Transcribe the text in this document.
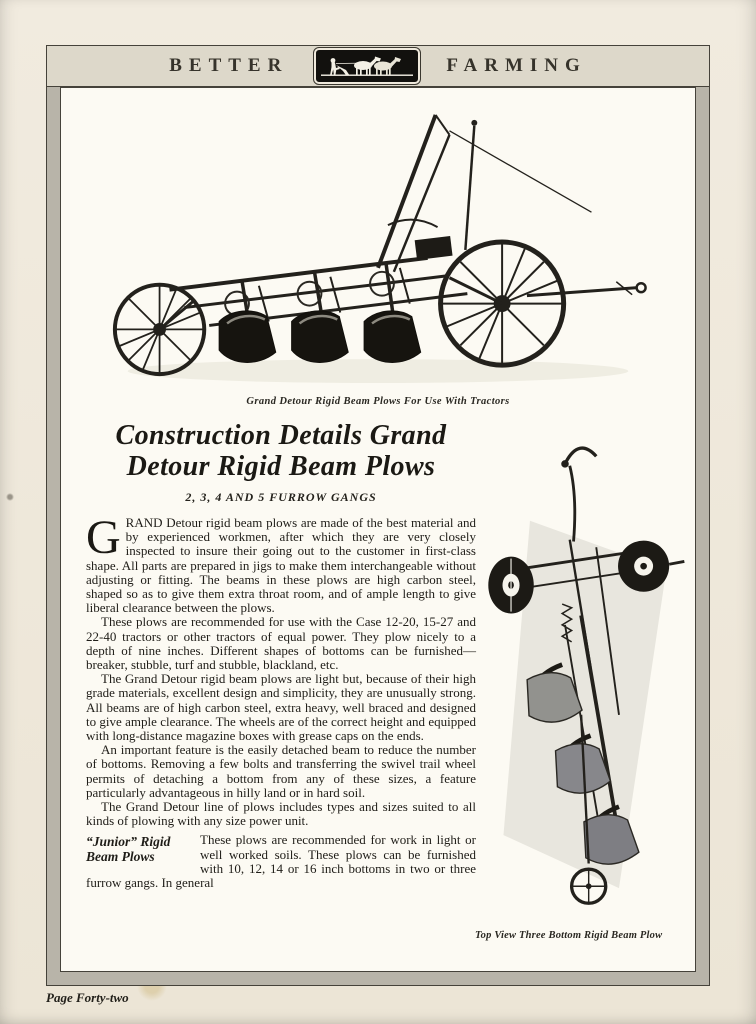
BETTER	FARMING
Grand Detour Rigid Beam Plows For Use With Tractors
Construction Details Grand
Detour Rigid Beam Plows
2, 3, 4 AND 5 FURROW GANGS

GRAND Detour rigid beam plows are made of the best material and by experienced workmen, after which they are very closely inspected to insure their going out to the customer in first-class shape. All parts are prepared in jigs to make them interchangeable without adjusting or fitting. The beams in these plows are high carbon steel, shaped so as to give them extra throat room, and of ample length to give liberal clearance between the plows.

These plows are recommended for use with the Case 12-20, 15-27 and 22-40 tractors or other tractors of equal power. They plow nicely to a depth of nine inches. Different shapes of bottoms can be furnished—breaker, stubble, turf and stubble, blackland, etc.

The Grand Detour rigid beam plows are light but, because of their high grade materials, excellent design and simplicity, they are unusually strong. All beams are of high carbon steel, extra heavy, well braced and designed to give ample clearance. The wheels are of the correct height and equipped with long-distance magazine boxes with grease caps on the ends.

An important feature is the easily detached beam to reduce the number of bottoms. Removing a few bolts and transferring the swivel trail wheel permits of detaching a bottom from any of these sizes, a feature particularly advantageous in hilly land or in hard soil.

The Grand Detour line of plows includes types and sizes suited to all kinds of plowing with any size power unit.

“Junior” Rigid
Beam Plows
These plows are recommended for work in light or well worked soils. These plows can be furnished with 10, 12, 14 or 16 inch bottoms in two or three furrow gangs. In general
Top View Three Bottom Rigid Beam Plow
Page Forty-two
